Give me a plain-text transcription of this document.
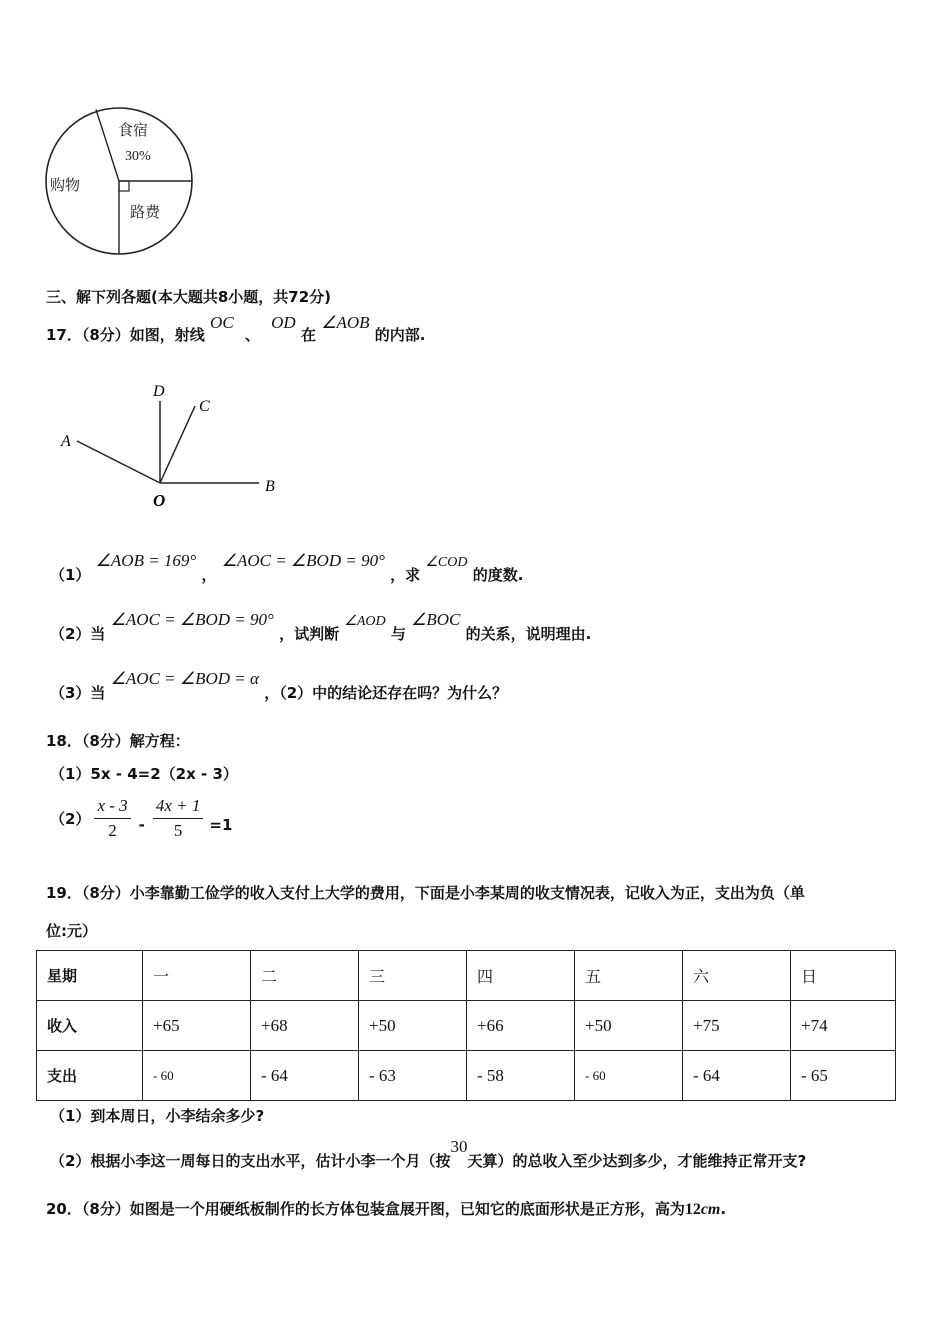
食宿
30%
购物
路费
三、解下列各题(本大题共8小题，共72分)
17．（8分）如图，射线 OC 、 OD 在 ∠AOB 的内部.
A
D
C
B
O
（1） ∠AOB = 169° ， ∠AOC = ∠BOD = 90° ，求 ∠COD 的度数.
（2）当 ∠AOC = ∠BOD = 90° ，试判断 ∠AOD 与 ∠BOC 的关系，说明理由.
（3）当 ∠AOC = ∠BOD = α ，（2）中的结论还存在吗？为什么？
18．（8分）解方程：
（1）5x - 4=2（2x - 3）
$(2) \frac{x - 3}{2} - \frac{4x + 1}{5} =1$
19．（8分）小李靠勤工俭学的收入支付上大学的费用，下面是小李某周的收支情况表，记收入为正，支出为负（单
位:元）
星期	一	二	三	四	五	六	日
收入	+65	+68	+50	+66	+50	+75	+74
支出	- 60	- 64	- 63	- 58	- 60	- 64	- 65
（1）到本周日，小李结余多少?
（2）根据小李这一周每日的支出水平，估计小李一个月（按30天算）的总收入至少达到多少，才能维持正常开支?
20．（8分）如图是一个用硬纸板制作的长方体包装盒展开图，已知它的底面形状是正方形，高为12cm.
